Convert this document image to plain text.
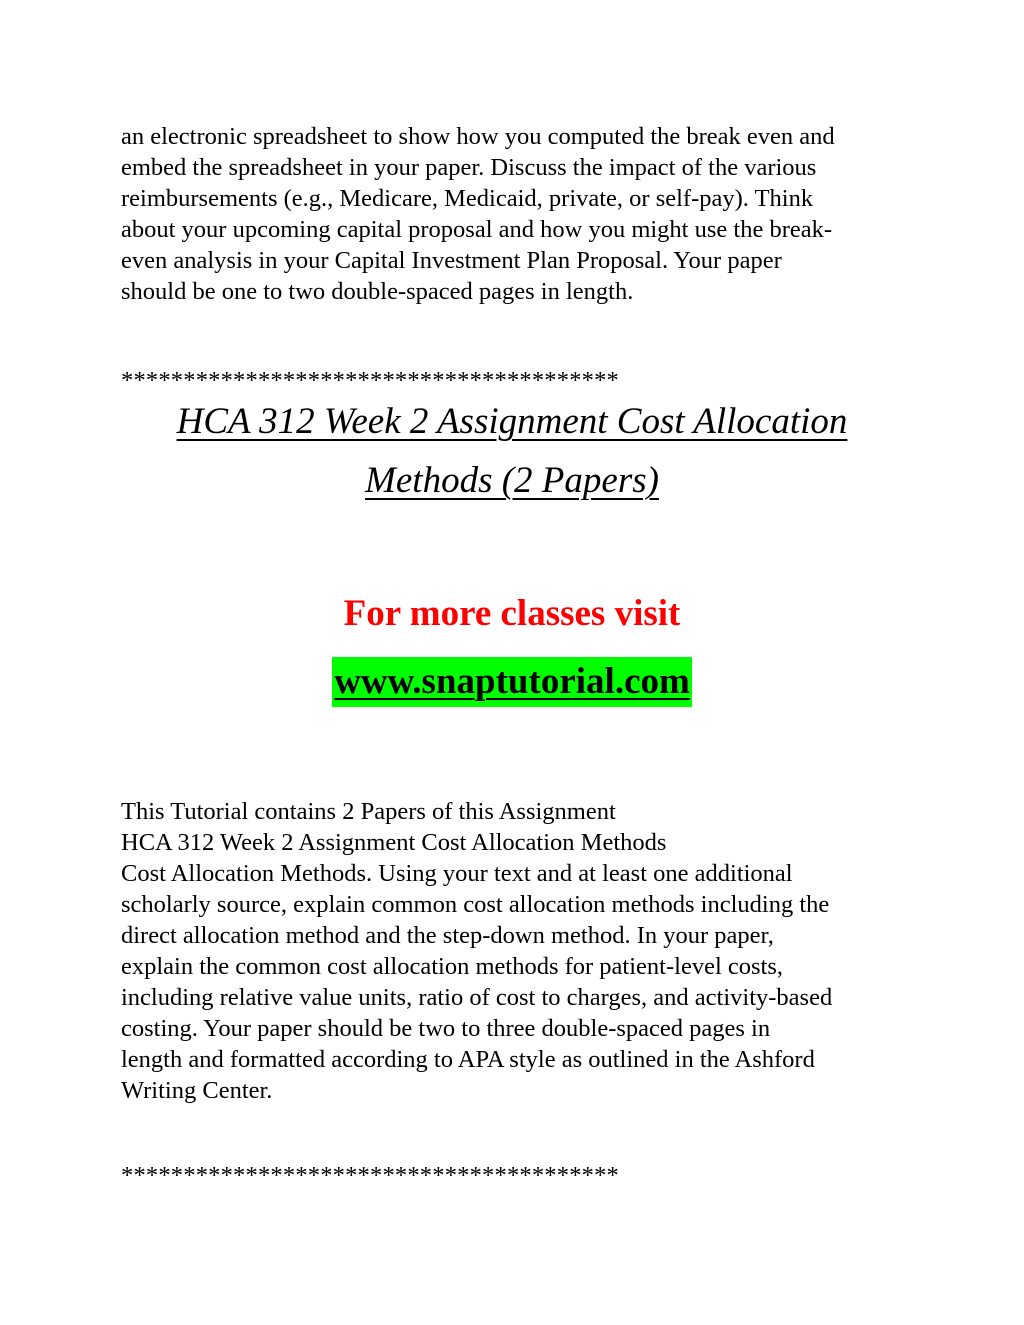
an electronic spreadsheet to show how you computed the break even and
embed the spreadsheet in your paper. Discuss the impact of the various
reimbursements (e.g., Medicare, Medicaid, private, or self-pay). Think
about your upcoming capital proposal and how you might use the break-
even analysis in your Capital Investment Plan Proposal. Your paper
should be one to two double-spaced pages in length.
****************************************
HCA 312 Week 2 Assignment Cost Allocation
Methods (2 Papers)
For more classes visit
www.snaptutorial.com
This Tutorial contains 2 Papers of this Assignment
HCA 312 Week 2 Assignment Cost Allocation Methods
Cost Allocation Methods. Using your text and at least one additional
scholarly source, explain common cost allocation methods including the
direct allocation method and the step-down method. In your paper,
explain the common cost allocation methods for patient-level costs,
including relative value units, ratio of cost to charges, and activity-based
costing. Your paper should be two to three double-spaced pages in
length and formatted according to APA style as outlined in the Ashford
Writing Center.
****************************************
